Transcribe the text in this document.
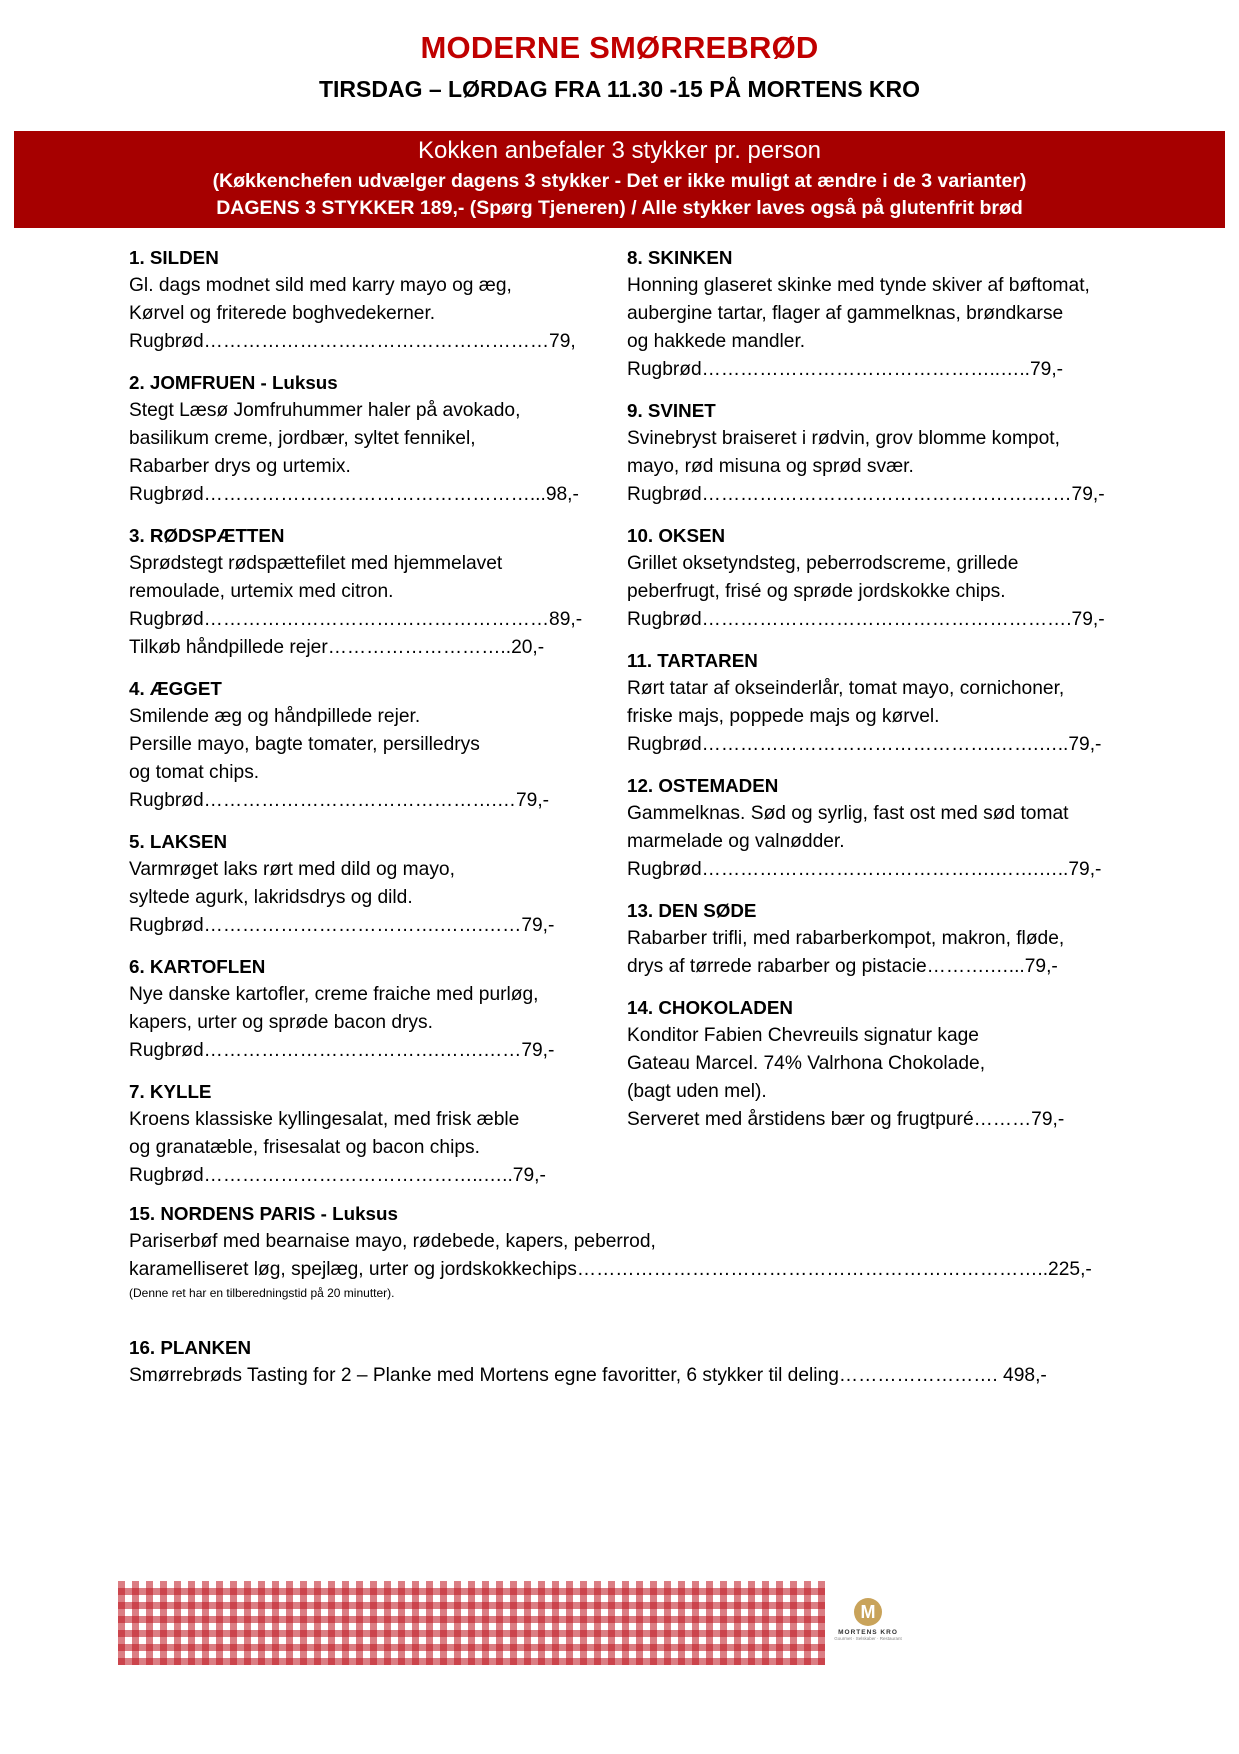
MODERNE SMØRREBRØD
TIRSDAG – LØRDAG FRA 11.30 -15 PÅ MORTENS KRO
Kokken anbefaler 3 stykker pr. person
(Køkkenchefen udvælger dagens 3 stykker - Det er ikke muligt at ændre i de 3 varianter)
DAGENS 3 STYKKER 189,- (Spørg Tjeneren) / Alle stykker laves også på glutenfrit brød
1. SILDEN
Gl. dags modnet sild med karry mayo og æg,
Kørvel og friterede boghvedekerner.
Rugbrød………………………………………………79,
2. JOMFRUEN - Luksus
Stegt Læsø Jomfruhummer haler på avokado,
basilikum creme, jordbær, syltet fennikel,
Rabarber drys og urtemix.
Rugbrød……………………………………………...98,-
3. RØDSPÆTTEN
Sprødstegt rødspættefilet med hjemmelavet
remoulade, urtemix med citron.
Rugbrød………………………………………………89,-
Tilkøb håndpillede rejer………………………..20,-
4. ÆGGET
Smilende æg og håndpillede rejer.
Persille mayo, bagte tomater, persilledrys
og tomat chips.
Rugbrød……………………………………….…79,-
5. LAKSEN
Varmrøget laks rørt med dild og mayo,
syltede agurk, lakridsdrys og dild.
Rugbrød……………………………….…….……79,-
6. KARTOFLEN
Nye danske kartofler, creme fraiche med purløg,
kapers, urter og sprøde bacon drys.
Rugbrød……………………………….…….……79,-
7. KYLLE
Kroens klassiske kyllingesalat, med frisk æble
og granatæble, frisesalat og bacon chips.
Rugbrød……………………………………..…..79,-
8. SKINKEN
Honning glaseret skinke med tynde skiver af bøftomat,
aubergine tartar, flager af gammelknas, brøndkarse
og hakkede mandler.
Rugbrød………………………………………..…..79,-
9. SVINET
Svinebryst braiseret i rødvin, grov blomme kompot,
mayo, rød misuna og sprød svær.
Rugbrød…………………………………………….……79,-
10. OKSEN
Grillet oksetyndsteg, peberrodscreme, grillede
peberfrugt, frisé og sprøde jordskokke chips.
Rugbrød………………………………………………….79,-
11. TARTAREN
Rørt tatar af okseinderlår, tomat mayo, cornichoner,
friske majs, poppede majs og kørvel.
Rugbrød……………………………………….…….…..79,-
12. OSTEMADEN
Gammelknas. Sød og syrlig, fast ost med sød tomat
marmelade og valnødder.
Rugbrød……………………………………….…….…..79,-
13. DEN SØDE
Rabarber trifli, med rabarberkompot, makron, fløde,
drys af tørrede rabarber og pistacie……….…...79,-
14. CHOKOLADEN
Konditor Fabien Chevreuils signatur kage
Gateau Marcel. 74% Valrhona Chokolade,
(bagt uden mel).
Serveret med årstidens bær og frugtpuré………79,-
15. NORDENS PARIS - Luksus
Pariserbøf med bearnaise mayo, rødebede, kapers, peberrod,
karamelliseret løg, spejlæg, urter og jordskokkechips………………………………………………………………..225,-
(Denne ret har en tilberedningstid på 20 minutter).
16. PLANKEN
Smørrebrøds Tasting for 2 – Planke med Mortens egne favoritter, 6 stykker til deling……………………. 498,-
M
MORTENS KRO
Gourmet · Selskaber · Restaurant
